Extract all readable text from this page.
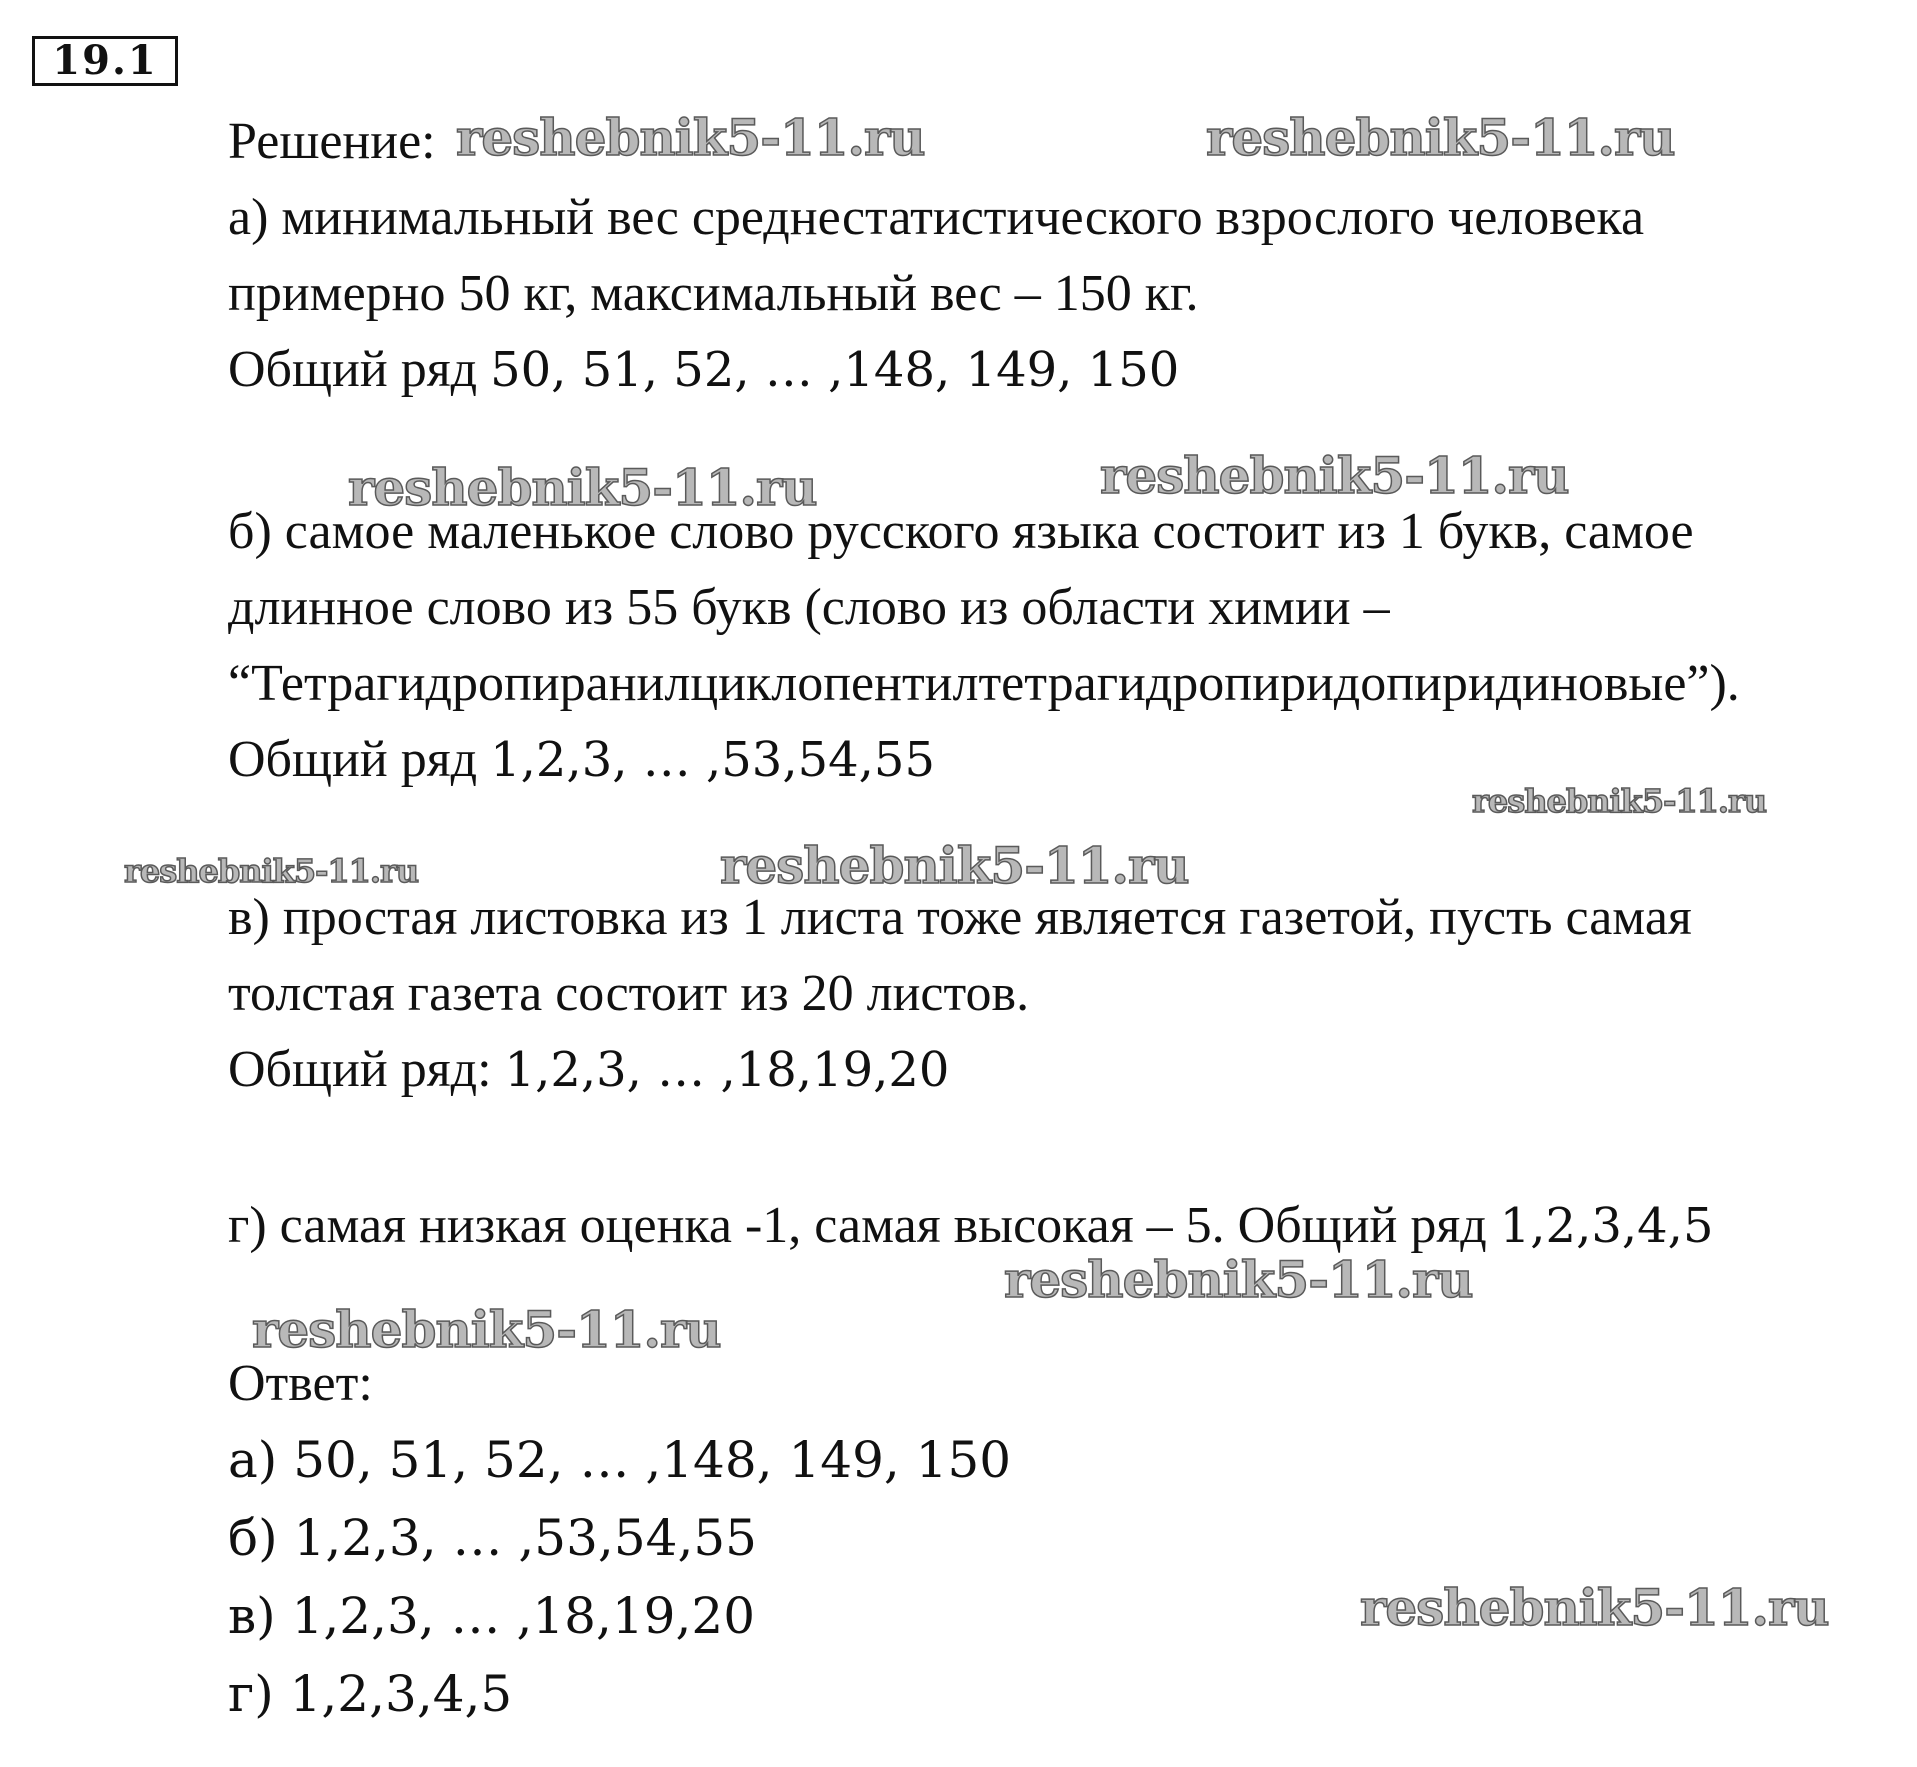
19.1
Решение:
а) минимальный вес среднестатистического взрослого человека
примерно 50 кг, максимальный вес – 150 кг.
Общий ряд 50, 51, 52, … ,148, 149, 150
б) самое маленькое слово русского языка состоит из 1 букв, самое
длинное слово из 55 букв (слово из области химии –
“Тетрагидропиранилциклопентилтетрагидропиридопиридиновые”).
Общий ряд 1,2,3, … ,53,54,55
в) простая листовка из 1 листа тоже является газетой, пусть самая
толстая газета состоит из 20 листов.
Общий ряд: 1,2,3, … ,18,19,20
г) самая низкая оценка -1, самая высокая – 5. Общий ряд 1,2,3,4,5
Ответ:
а) 50, 51, 52, … ,148, 149, 150
б) 1,2,3, … ,53,54,55
в) 1,2,3, … ,18,19,20
г) 1,2,3,4,5
reshebnik5-11.ru	reshebnik5-11.ru
reshebnik5-11.ru	reshebnik5-11.ru
reshebnik5-11.ru
reshebnik5-11.ru	reshebnik5-11.ru
reshebnik5-11.ru
reshebnik5-11.ru
reshebnik5-11.ru
